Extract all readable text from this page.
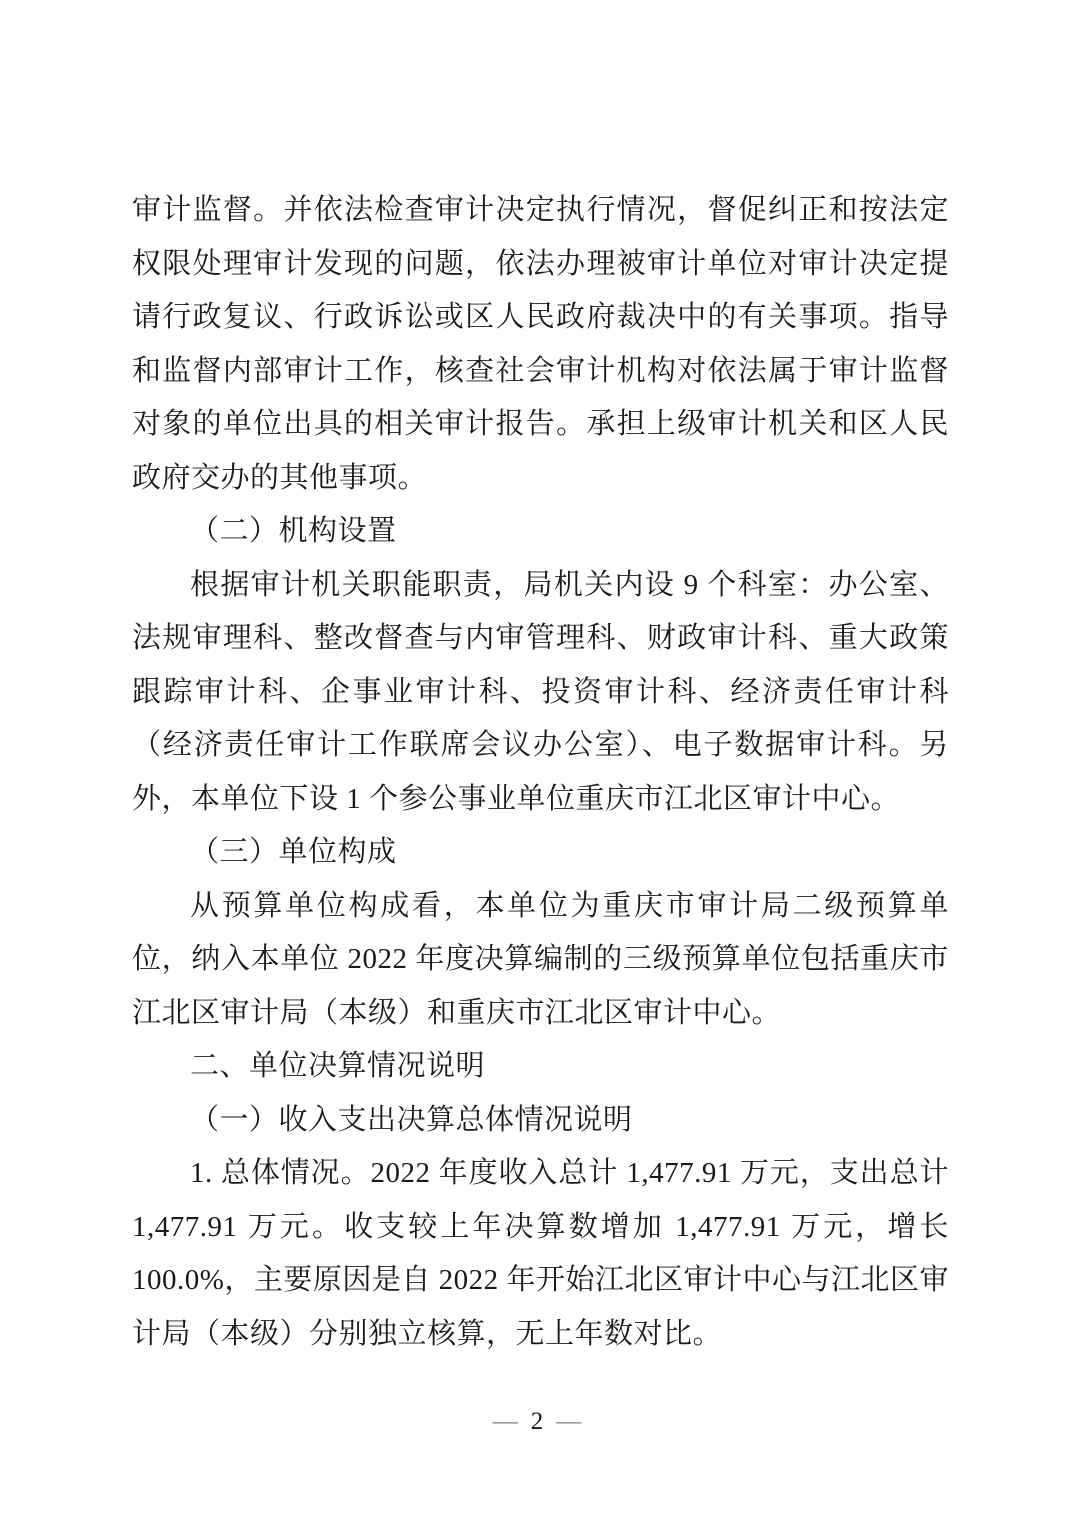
审计监督。并依法检查审计决定执行情况，督促纠正和按法定权限处理审计发现的问题，依法办理被审计单位对审计决定提请行政复议、行政诉讼或区人民政府裁决中的有关事项。指导和监督内部审计工作，核查社会审计机构对依法属于审计监督对象的单位出具的相关审计报告。承担上级审计机关和区人民政府交办的其他事项。

（二）机构设置

根据审计机关职能职责，局机关内设 9 个科室：办公室、法规审理科、整改督查与内审管理科、财政审计科、重大政策跟踪审计科、企事业审计科、投资审计科、经济责任审计科（经济责任审计工作联席会议办公室）、电子数据审计科。另外，本单位下设 1 个参公事业单位重庆市江北区审计中心。

（三）单位构成

从预算单位构成看，本单位为重庆市审计局二级预算单位，纳入本单位 2022 年度决算编制的三级预算单位包括重庆市江北区审计局（本级）和重庆市江北区审计中心。

二、单位决算情况说明
（一）收入支出决算总体情况说明

1. 总体情况。2022 年度收入总计 1,477.91 万元，支出总计 1,477.91 万元。收支较上年决算数增加 1,477.91 万元，增长 100.0%，主要原因是自 2022 年开始江北区审计中心与江北区审计局（本级）分别独立核算，无上年数对比。

— 2 —
